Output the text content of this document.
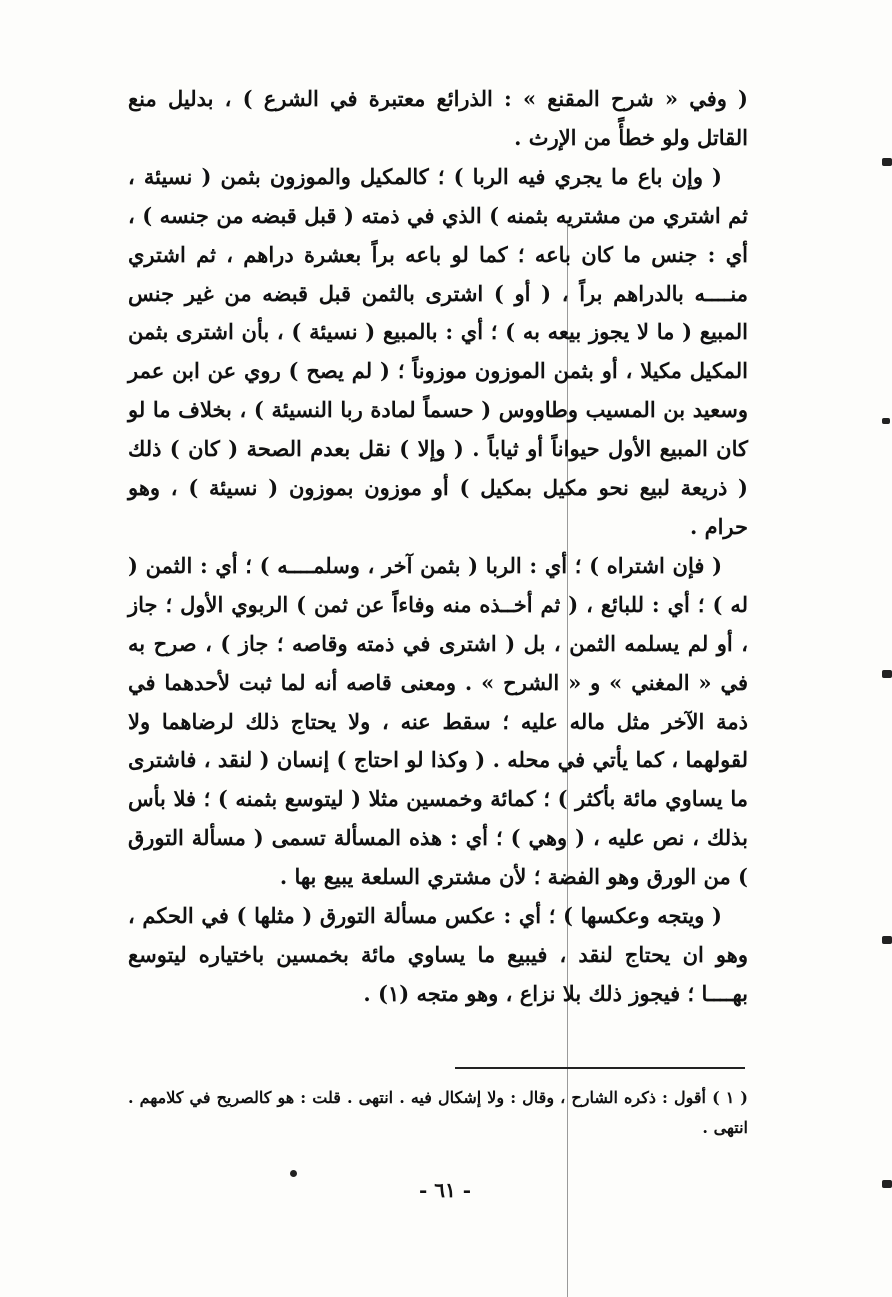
( وفي « شرح المقنع » : الذرائع معتبرة في الشرع ) ، بدليل منع القاتل ولو خطأً من الإرث .

( وإن باع ما يجري فيه الربا ) ؛ كالمكيل والموزون بثمن ( نسيئة ، ثم اشتري من مشتريه بثمنه ) الذي في ذمته ( قبل قبضه من جنسه ) ، أي : جنس ما كان باعه ؛ كما لو باعه براً بعشرة دراهم ، ثم اشتري منــــه بالدراهم براً ، ( أو ) اشترى بالثمن قبل قبضه من غير جنس المبيع ( ما لا يجوز بيعه به ) ؛ أي : بالمبيع ( نسيئة ) ، بأن اشترى بثمن المكيل مكيلا ، أو بثمن الموزون موزوناً ؛ ( لم يصح ) روي عن ابن عمر وسعيد بن المسيب وطاووس ( حسماً لمادة ربا النسيئة ) ، بخلاف ما لو كان المبيع الأول حيواناً أو ثياباً . ( وإلا ) نقل بعدم الصحة ( كان ) ذلك ( ذريعة لبيع نحو مكيل بمكيل ) أو موزون بموزون ( نسيئة ) ، وهو حرام .

( فإن اشتراه ) ؛ أي : الربا ( بثمن آخر ، وسلمــــه ) ؛ أي : الثمن ( له ) ؛ أي : للبائع ، ( ثم أخــذه منه وفاءاً عن ثمن ) الربوي الأول ؛ جاز ، أو لم يسلمه الثمن ، بل ( اشترى في ذمته وقاصه ؛ جاز ) ، صرح به في « المغني » و « الشرح » . ومعنى قاصه أنه لما ثبت لأحدهما في ذمة الآخر مثل ماله عليه ؛ سقط عنه ، ولا يحتاج ذلك لرضاهما ولا لقولهما ، كما يأتي في محله . ( وكذا لو احتاج ) إنسان ( لنقد ، فاشترى ما يساوي مائة بأكثر ) ؛ كمائة وخمسين مثلا ( ليتوسع بثمنه ) ؛ فلا بأس بذلك ، نص عليه ، ( وهي ) ؛ أي : هذه المسألة تسمى ( مسألة التورق ) من الورق وهو الفضة ؛ لأن مشتري السلعة يبيع بها .

( ويتجه وعكسها ) ؛ أي : عكس مسألة التورق ( مثلها ) في الحكم ، وهو ان يحتاج لنقد ، فيبيع ما يساوي مائة بخمسين باختياره ليتوسع بهــــا ؛ فيجوز ذلك بلا نزاع ، وهو متجه (١) .

( ١ ) أقول : ذكره الشارح ، وقال : ولا إشكال فيه . انتهى . قلت : هو كالصريح في كلامهم . انتهى .

- ٦١ -
